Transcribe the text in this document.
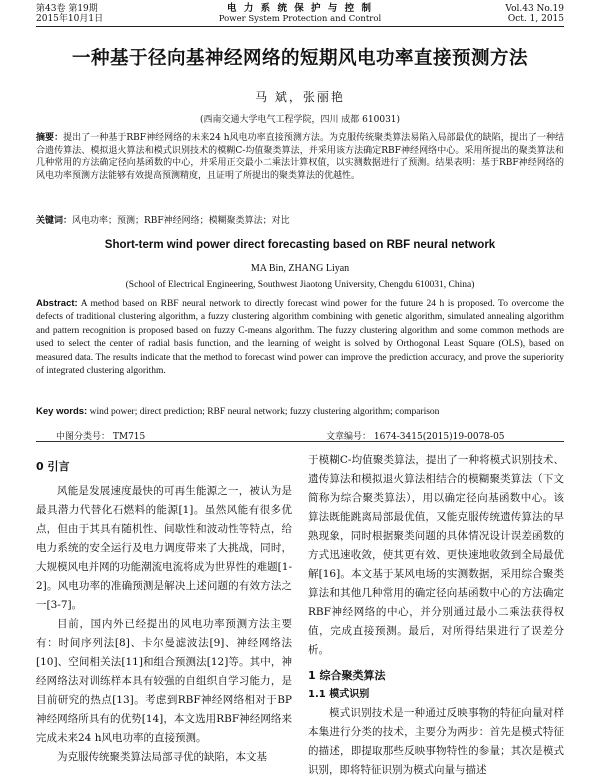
第43卷 第19期
2015年10月1日
电 力 系 统 保 护 与 控 制
Power System Protection and Control
Vol.43 No.19
Oct. 1, 2015
一种基于径向基神经网络的短期风电功率直接预测方法
马 斌，张丽艳
(西南交通大学电气工程学院，四川 成都 610031)
摘要：提出了一种基于RBF神经网络的未来24 h风电功率直接预测方法。为克服传统聚类算法易陷入局部最优的缺陷，提出了一种结合遗传算法、模拟退火算法和模式识别技术的模糊C-均值聚类算法，并采用该方法确定RBF神经网络中心。采用所提出的聚类算法和几种常用的方法确定径向基函数的中心，并采用正交最小二乘法计算权值，以实测数据进行了预测。结果表明：基于RBF神经网络的风电功率预测方法能够有效提高预测精度，且证明了所提出的聚类算法的优越性。
关键词：风电功率；预测；RBF神经网络；模糊聚类算法；对比
Short-term wind power direct forecasting based on RBF neural network
MA Bin, ZHANG Liyan
(School of Electrical Engineering, Southwest Jiaotong University, Chengdu 610031, China)
Abstract: A method based on RBF neural network to directly forecast wind power for the future 24 h is proposed. To overcome the defects of traditional clustering algorithm, a fuzzy clustering algorithm combining with genetic algorithm, simulated annealing algorithm and pattern recognition is proposed based on fuzzy C-means algorithm. The fuzzy clustering algorithm and some common methods are used to select the center of radial basis function, and the learning of weight is solved by Orthogonal Least Square (OLS), based on measured data. The results indicate that the method to forecast wind power can improve the prediction accuracy, and prove the superiority of integrated clustering algorithm.
Key words: wind power; direct prediction; RBF neural network; fuzzy clustering algorithm; comparison
中图分类号： TM715	文章编号： 1674-3415(2015)19-0078-05
0 引言

风能是发展速度最快的可再生能源之一，被认为是最具潜力代替化石燃料的能源[1]。虽然风能有很多优点，但由于其具有随机性、间歇性和波动性等特点，给电力系统的安全运行及电力调度带来了大挑战，同时，大规模风电并网的功能潮流电流将成为世界性的难题[1-2]。风电功率的准确预测是解决上述问题的有效方法之一[3-7]。

目前，国内外已经提出的风电功率预测方法主要有：时间序列法[8]、卡尔曼滤波法[9]、神经网络法[10]、空间相关法[11]和组合预测法[12]等。其中，神经网络法对训练样本具有较强的自组织自学习能力，是目前研究的热点[13]。考虑到RBF神经网络相对于BP神经网络所具有的优势[14]，本文选用RBF神经网络来完成未来24 h风电功率的直接预测。

为克服传统聚类算法局部寻优的缺陷，本文基

于模糊C-均值聚类算法，提出了一种将模式识别技术、遗传算法和模拟退火算法相结合的模糊聚类算法（下文简称为综合聚类算法），用以确定径向基函数中心。该算法既能跳离局部最优值，又能克服传统遗传算法的早熟现象，同时根据聚类问题的具体情况设计误差函数的方式迅速收敛，使其更有效、更快速地收敛到全局最优解[16]。本文基于某风电场的实测数据，采用综合聚类算法和其他几种常用的确定径向基函数中心的方法确定RBF神经网络的中心，并分别通过最小二乘法获得权值，完成直接预测。最后，对所得结果进行了误差分析。

1 综合聚类算法
1.1 模式识别

模式识别技术是一种通过反映事物的特征向量对样本集进行分类的技术，主要分为两步：首先是模式特征的描述，即提取那些反映事物特性的参量；其次是模式识别，即将特征识别为模式向量与描述
